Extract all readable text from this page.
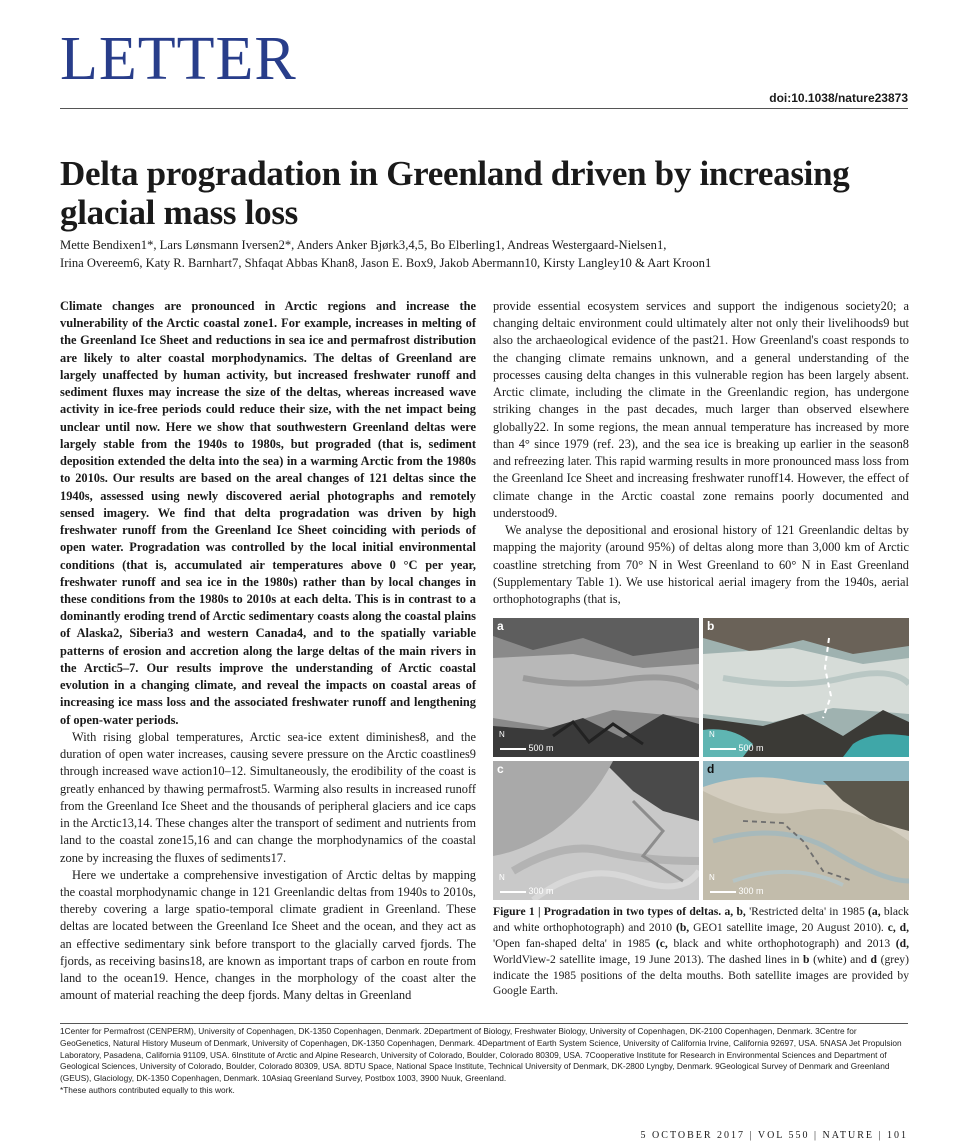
LETTER
doi:10.1038/nature23873
Delta progradation in Greenland driven by increasing glacial mass loss
Mette Bendixen1*, Lars Lønsmann Iversen2*, Anders Anker Bjørk3,4,5, Bo Elberling1, Andreas Westergaard-Nielsen1,
Irina Overeem6, Katy R. Barnhart7, Shfaqat Abbas Khan8, Jason E. Box9, Jakob Abermann10, Kirsty Langley10 & Aart Kroon1

Climate changes are pronounced in Arctic regions and increase the vulnerability of the Arctic coastal zone1. For example, increases in melting of the Greenland Ice Sheet and reductions in sea ice and permafrost distribution are likely to alter coastal morphodynamics. The deltas of Greenland are largely unaffected by human activity, but increased freshwater runoff and sediment fluxes may increase the size of the deltas, whereas increased wave activity in ice-free periods could reduce their size, with the net impact being unclear until now. Here we show that southwestern Greenland deltas were largely stable from the 1940s to 1980s, but prograded (that is, sediment deposition extended the delta into the sea) in a warming Arctic from the 1980s to 2010s. Our results are based on the areal changes of 121 deltas since the 1940s, assessed using newly discovered aerial photographs and remotely sensed imagery. We find that delta progradation was driven by high freshwater runoff from the Greenland Ice Sheet coinciding with periods of open water. Progradation was controlled by the local initial environmental conditions (that is, accumulated air temperatures above 0 °C per year, freshwater runoff and sea ice in the 1980s) rather than by local changes in these conditions from the 1980s to 2010s at each delta. This is in contrast to a dominantly eroding trend of Arctic sedimentary coasts along the coastal plains of Alaska2, Siberia3 and western Canada4, and to the spatially variable patterns of erosion and accretion along the large deltas of the main rivers in the Arctic5–7. Our results improve the understanding of Arctic coastal evolution in a changing climate, and reveal the impacts on coastal areas of increasing ice mass loss and the associated freshwater runoff and lengthening of open-water periods.

With rising global temperatures, Arctic sea-ice extent diminishes8, and the duration of open water increases, causing severe pressure on the Arctic coastlines9 through increased wave action10–12. Simultaneously, the erodibility of the coast is greatly enhanced by thawing permafrost5. Warming also results in increased runoff from the Greenland Ice Sheet and the thousands of peripheral glaciers and ice caps in the Arctic13,14. These changes alter the transport of sediment and nutrients from land to the coastal zone15,16 and can change the morphodynamics of the coastal zone by increasing the fluxes of sediments17.

Here we undertake a comprehensive investigation of Arctic deltas by mapping the coastal morphodynamic change in 121 Greenlandic deltas from 1940s to 2010s, thereby covering a large spatio-temporal climate gradient in Greenland. These deltas are located between the Greenland Ice Sheet and the ocean, and they act as an effective sedimentary sink before transport to the glacially carved fjords. The fjords, as receiving basins18, are known as important traps of carbon en route from land to the ocean19. Hence, changes in the morphology of the coast alter the amount of material reaching the deep fjords. Many deltas in Greenland

provide essential ecosystem services and support the indigenous society20; a changing deltaic environment could ultimately alter not only their livelihoods9 but also the archaeological evidence of the past21. How Greenland's coast responds to the changing climate remains unknown, and a general understanding of the processes causing delta changes in this vulnerable region has been largely absent. Arctic climate, including the climate in the Greenlandic region, has undergone striking changes in the past decades, much larger than observed elsewhere globally22. In some regions, the mean annual temperature has increased by more than 4° since 1979 (ref. 23), and the sea ice is breaking up earlier in the season8 and refreezing later. This rapid warming results in more pronounced mass loss from the Greenland Ice Sheet and increasing freshwater runoff14. However, the effect of climate change in the Arctic coastal zone remains poorly documented and understood9.

We analyse the depositional and erosional history of 121 Greenlandic deltas by mapping the majority (around 95%) of deltas along more than 3,000 km of Arctic coastline stretching from 70° N in West Greenland to 60° N in East Greenland (Supplementary Table 1). We use historical aerial imagery from the 1940s, aerial orthophotographs (that is,

a
N
500 m
b
N
500 m
c
N
300 m
d
N
300 m
Figure 1 | Progradation in two types of deltas. a, b, 'Restricted delta' in 1985 (a, black and white orthophotograph) and 2010 (b, GEO1 satellite image, 20 August 2010). c, d, 'Open fan-shaped delta' in 1985 (c, black and white orthophotograph) and 2013 (d, WorldView-2 satellite image, 19 June 2013). The dashed lines in b (white) and d (grey) indicate the 1985 positions of the delta mouths. Both satellite images are provided by Google Earth.

1Center for Permafrost (CENPERM), University of Copenhagen, DK-1350 Copenhagen, Denmark. 2Department of Biology, Freshwater Biology, University of Copenhagen, DK-2100 Copenhagen, Denmark. 3Centre for GeoGenetics, Natural History Museum of Denmark, University of Copenhagen, DK-1350 Copenhagen, Denmark. 4Department of Earth System Science, University of California Irvine, California 92697, USA. 5NASA Jet Propulsion Laboratory, Pasadena, California 91109, USA. 6Institute of Arctic and Alpine Research, University of Colorado, Boulder, Colorado 80309, USA. 7Cooperative Institute for Research in Environmental Sciences and Department of Geological Sciences, University of Colorado, Boulder, Colorado 80309, USA. 8DTU Space, National Space Institute, Technical University of Denmark, DK-2800 Lyngby, Denmark. 9Geological Survey of Denmark and Greenland (GEUS), Glaciology, DK-1350 Copenhagen, Denmark. 10Asiaq Greenland Survey, Postbox 1003, 3900 Nuuk, Greenland.

*These authors contributed equally to this work.

5 OCTOBER 2017 | VOL 550 | NATURE | 101
